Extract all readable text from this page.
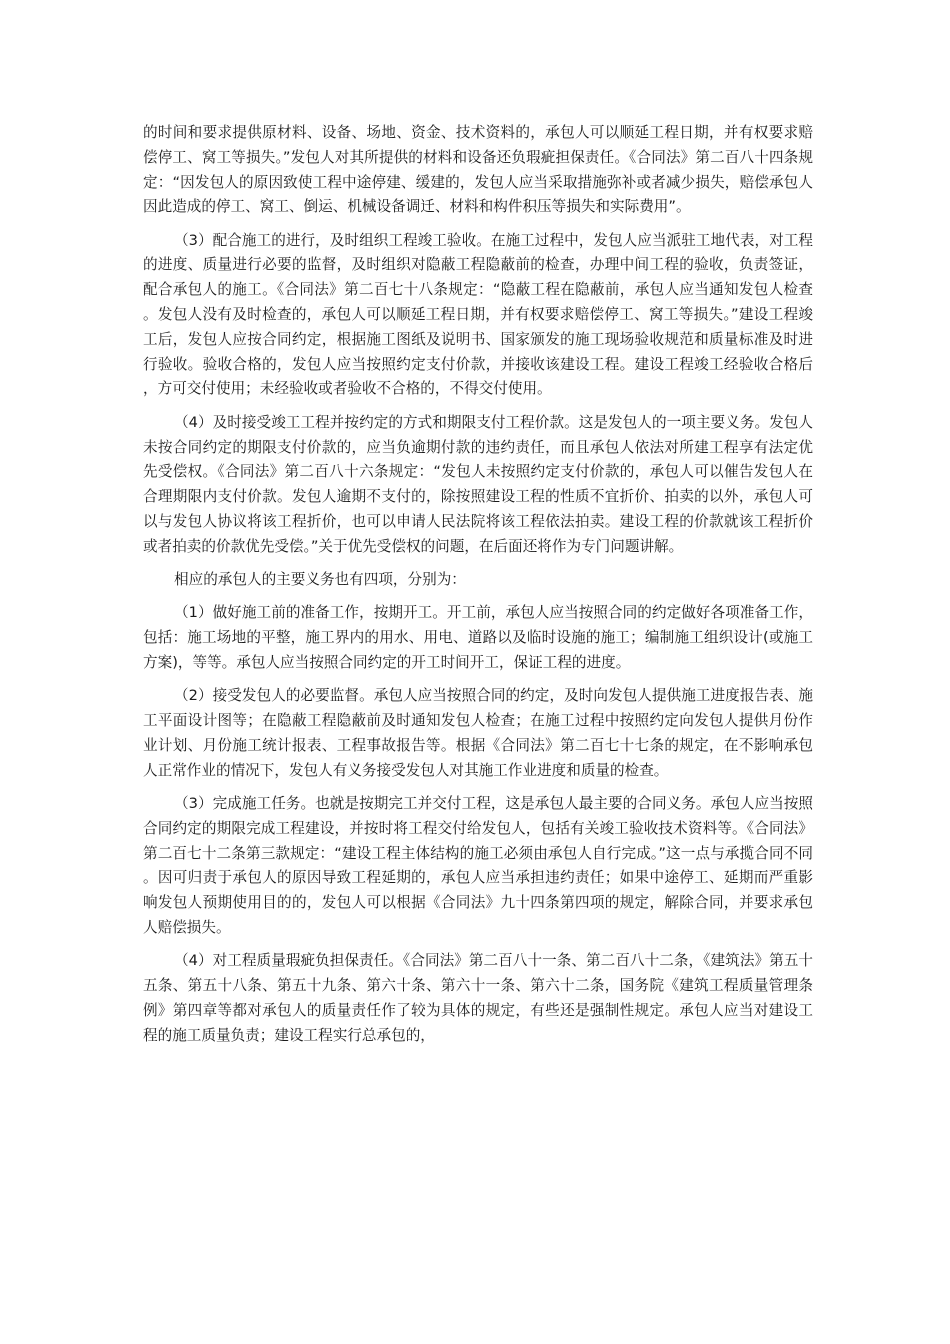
的时间和要求提供原材料、设备、场地、资金、技术资料的，承包人可以顺延工程日期，并有权要求赔偿停工、窝工等损失。”发包人对其所提供的材料和设备还负瑕疵担保责任。《合同法》第二百八十四条规定：“因发包人的原因致使工程中途停建、缓建的，发包人应当采取措施弥补或者减少损失，赔偿承包人因此造成的停工、窝工、倒运、机械设备调迁、材料和构件积压等损失和实际费用”。

（3）配合施工的进行，及时组织工程竣工验收。在施工过程中，发包人应当派驻工地代表，对工程的进度、质量进行必要的监督，及时组织对隐蔽工程隐蔽前的检查，办理中间工程的验收，负责签证，配合承包人的施工。《合同法》第二百七十八条规定：“隐蔽工程在隐蔽前，承包人应当通知发包人检查。发包人没有及时检查的，承包人可以顺延工程日期，并有权要求赔偿停工、窝工等损失。”建设工程竣工后，发包人应按合同约定，根据施工图纸及说明书、国家颁发的施工现场验收规范和质量标准及时进行验收。验收合格的，发包人应当按照约定支付价款，并接收该建设工程。建设工程竣工经验收合格后，方可交付使用；未经验收或者验收不合格的，不得交付使用。

（4）及时接受竣工工程并按约定的方式和期限支付工程价款。这是发包人的一项主要义务。发包人未按合同约定的期限支付价款的，应当负逾期付款的违约责任，而且承包人依法对所建工程享有法定优先受偿权。《合同法》第二百八十六条规定：“发包人未按照约定支付价款的，承包人可以催告发包人在合理期限内支付价款。发包人逾期不支付的，除按照建设工程的性质不宜折价、拍卖的以外，承包人可以与发包人协议将该工程折价，也可以申请人民法院将该工程依法拍卖。建设工程的价款就该工程折价或者拍卖的价款优先受偿。”关于优先受偿权的问题，在后面还将作为专门问题讲解。

相应的承包人的主要义务也有四项，分别为：

（1）做好施工前的准备工作，按期开工。开工前，承包人应当按照合同的约定做好各项准备工作，包括：施工场地的平整，施工界内的用水、用电、道路以及临时设施的施工；编制施工组织设计(或施工方案)，等等。承包人应当按照合同约定的开工时间开工，保证工程的进度。

（2）接受发包人的必要监督。承包人应当按照合同的约定，及时向发包人提供施工进度报告表、施工平面设计图等；在隐蔽工程隐蔽前及时通知发包人检查；在施工过程中按照约定向发包人提供月份作业计划、月份施工统计报表、工程事故报告等。根据《合同法》第二百七十七条的规定，在不影响承包人正常作业的情况下，发包人有义务接受发包人对其施工作业进度和质量的检查。

（3）完成施工任务。也就是按期完工并交付工程，这是承包人最主要的合同义务。承包人应当按照合同约定的期限完成工程建设，并按时将工程交付给发包人，包括有关竣工验收技术资料等。《合同法》第二百七十二条第三款规定：“建设工程主体结构的施工必须由承包人自行完成。”这一点与承揽合同不同。因可归责于承包人的原因导致工程延期的，承包人应当承担违约责任；如果中途停工、延期而严重影响发包人预期使用目的的，发包人可以根据《合同法》九十四条第四项的规定，解除合同，并要求承包人赔偿损失。

（4）对工程质量瑕疵负担保责任。《合同法》第二百八十一条、第二百八十二条，《建筑法》第五十五条、第五十八条、第五十九条、第六十条、第六十一条、第六十二条，国务院《建筑工程质量管理条例》第四章等都对承包人的质量责任作了较为具体的规定，有些还是强制性规定。承包人应当对建设工程的施工质量负责；建设工程实行总承包的，
